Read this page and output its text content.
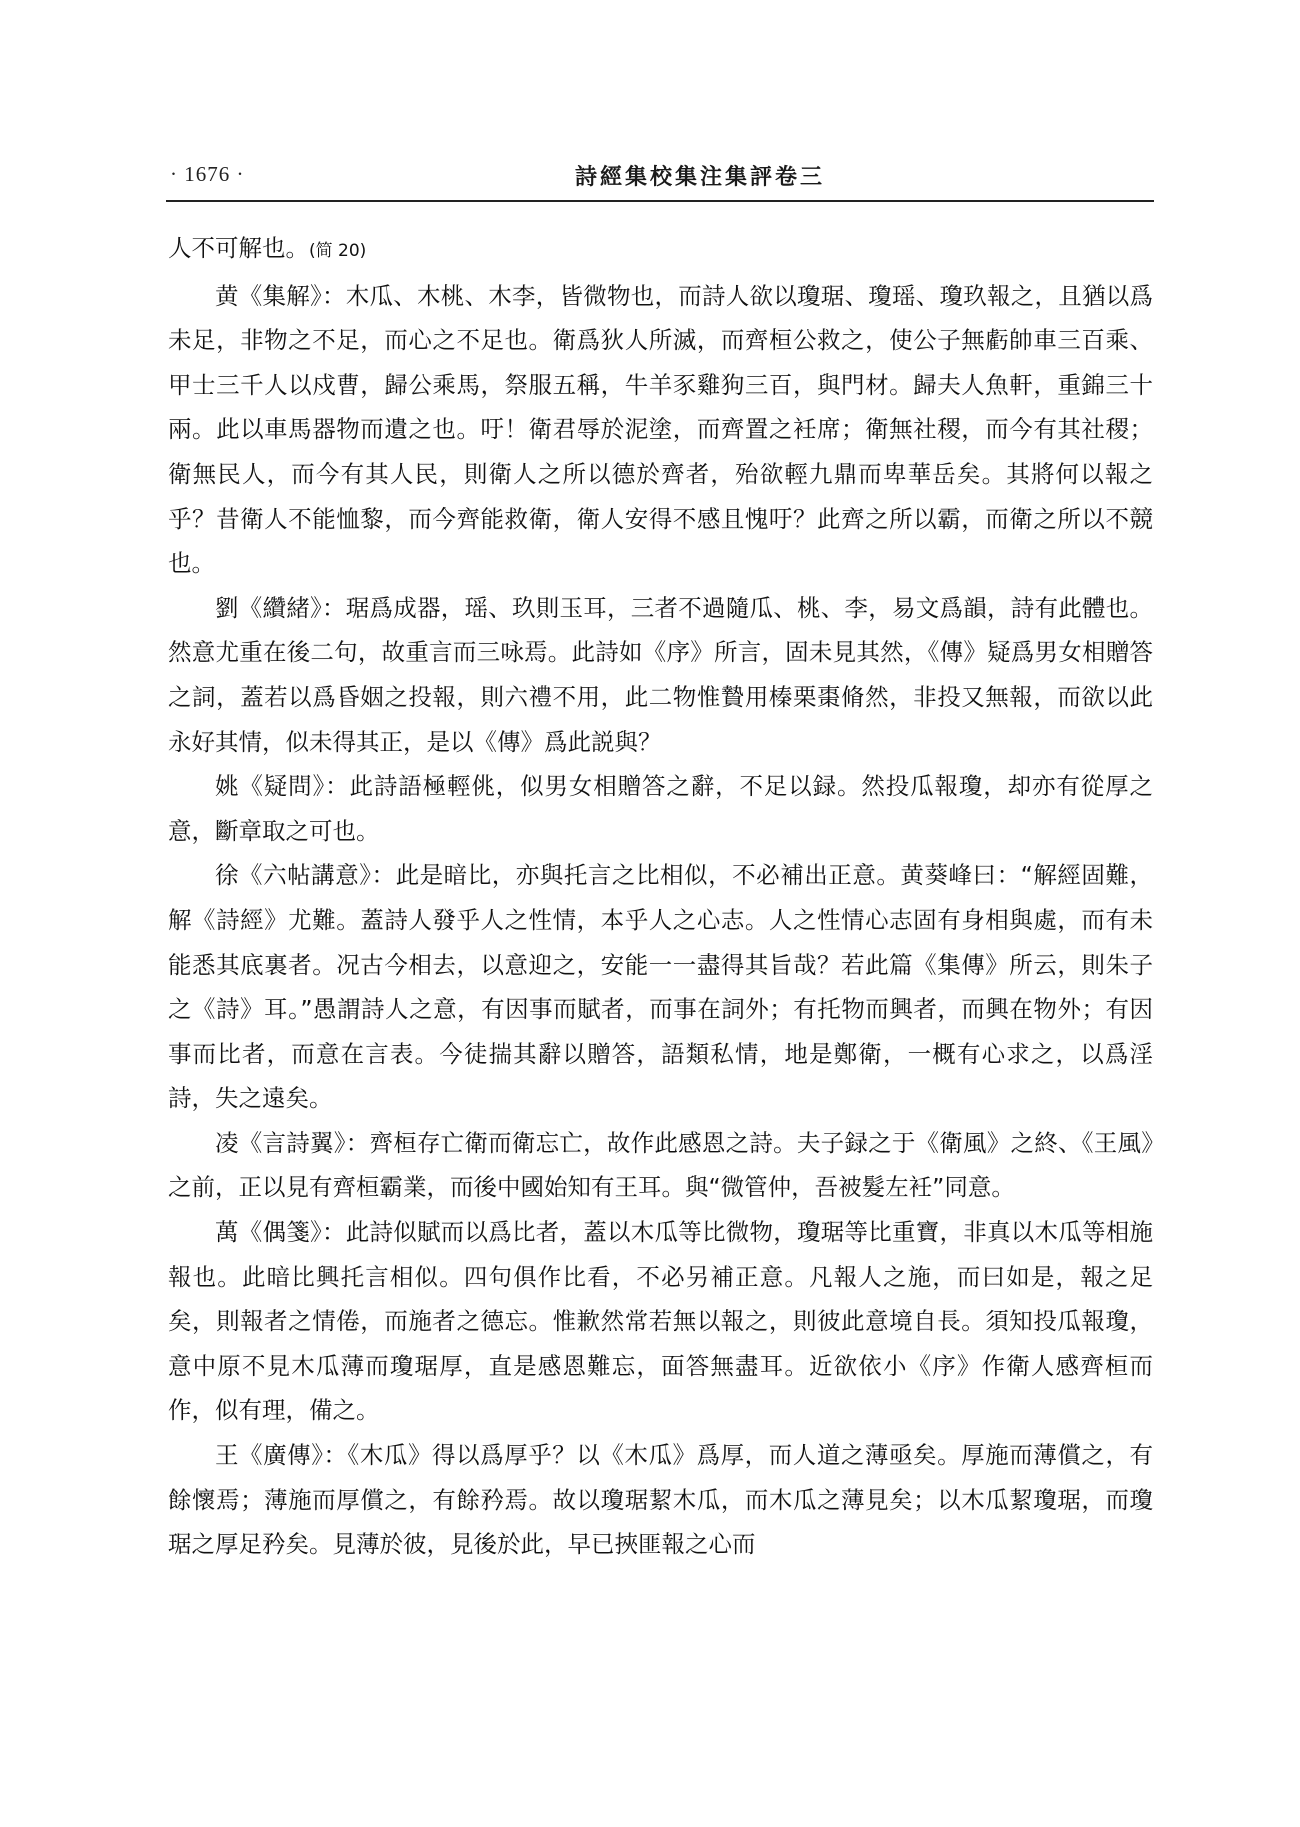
· 1676 ·	詩經集校集注集評卷三

人不可解也。(简 20)

黄《集解》：木瓜、木桃、木李，皆微物也，而詩人欲以瓊琚、瓊瑶、瓊玖報之，且猶以爲未足，非物之不足，而心之不足也。衛爲狄人所滅，而齊桓公救之，使公子無虧帥車三百乘、甲士三千人以戍曹，歸公乘馬，祭服五稱，牛羊豕雞狗三百，與門材。歸夫人魚軒，重錦三十兩。此以車馬器物而遺之也。吁！衛君辱於泥塗，而齊置之衽席；衛無社稷，而今有其社稷；衛無民人，而今有其人民，則衛人之所以德於齊者，殆欲輕九鼎而卑華岳矣。其將何以報之乎？昔衛人不能恤黎，而今齊能救衛，衛人安得不感且愧吁？此齊之所以霸，而衛之所以不競也。

劉《纘緒》：琚爲成器，瑶、玖則玉耳，三者不過隨瓜、桃、李，易文爲韻，詩有此體也。然意尤重在後二句，故重言而三咏焉。此詩如《序》所言，固未見其然，《傳》疑爲男女相贈答之詞，蓋若以爲昏姻之投報，則六禮不用，此二物惟贄用榛栗棗脩然，非投又無報，而欲以此永好其情，似未得其正，是以《傳》爲此説與？

姚《疑問》：此詩語極輕佻，似男女相贈答之辭，不足以録。然投瓜報瓊，却亦有從厚之意，斷章取之可也。

徐《六帖講意》：此是暗比，亦與托言之比相似，不必補出正意。黄葵峰曰：“解經固難，解《詩經》尤難。蓋詩人發乎人之性情，本乎人之心志。人之性情心志固有身相與處，而有未能悉其底裏者。况古今相去，以意迎之，安能一一盡得其旨哉？若此篇《集傳》所云，則朱子之《詩》耳。”愚謂詩人之意，有因事而賦者，而事在詞外；有托物而興者，而興在物外；有因事而比者，而意在言表。今徒揣其辭以贈答，語類私情，地是鄭衛，一概有心求之，以爲淫詩，失之遠矣。

凌《言詩翼》：齊桓存亡衛而衛忘亡，故作此感恩之詩。夫子録之于《衛風》之終、《王風》之前，正以見有齊桓霸業，而後中國始知有王耳。與“微管仲，吾被髮左衽”同意。

萬《偶箋》：此詩似賦而以爲比者，蓋以木瓜等比微物，瓊琚等比重寶，非真以木瓜等相施報也。此暗比興托言相似。四句俱作比看，不必另補正意。凡報人之施，而曰如是，報之足矣，則報者之情倦，而施者之德忘。惟歉然常若無以報之，則彼此意境自長。須知投瓜報瓊，意中原不見木瓜薄而瓊琚厚，直是感恩難忘，面答無盡耳。近欲依小《序》作衛人感齊桓而作，似有理，備之。

王《廣傳》：《木瓜》得以爲厚乎？以《木瓜》爲厚，而人道之薄亟矣。厚施而薄償之，有餘懷焉；薄施而厚償之，有餘矜焉。故以瓊琚絜木瓜，而木瓜之薄見矣；以木瓜絜瓊琚，而瓊琚之厚足矜矣。見薄於彼，見後於此，早已挾匪報之心而
